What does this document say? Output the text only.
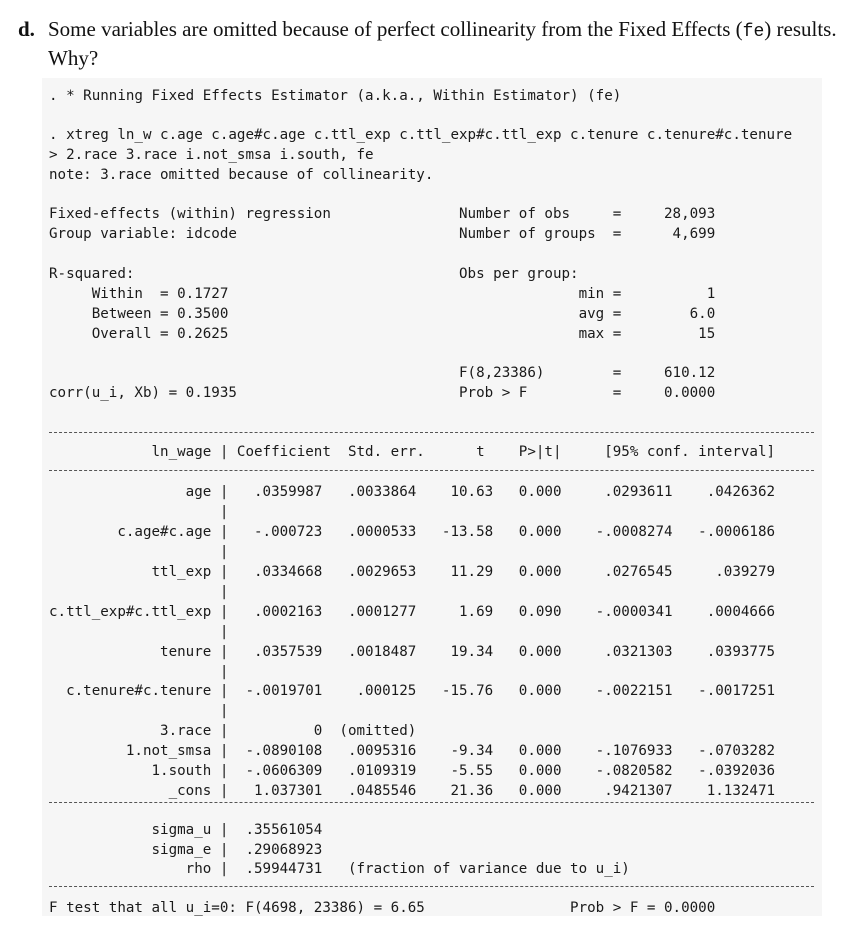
d. Some variables are omitted because of perfect collinearity from the Fixed Effects (fe) results. Why?
. * Running Fixed Effects Estimator (a.k.a., Within Estimator) (fe)
. xtreg ln_w c.age c.age#c.age c.ttl_exp c.ttl_exp#c.ttl_exp c.tenure c.tenure#c.tenure
> 2.race 3.race i.not_smsa i.south, fe
note: 3.race omitted because of collinearity.
Fixed-effects (within) regression               Number of obs     =     28,093
Group variable: idcode                          Number of groups  =      4,699
R-squared:                                      Obs per group:
Within  = 0.1727                                         min =          1
Between = 0.3500                                         avg =        6.0
Overall = 0.2625                                         max =         15
F(8,23386)        =     610.12
corr(u_i, Xb) = 0.1935                          Prob > F          =     0.0000
ln_wage | Coefficient  Std. err.      t    P>|t|     [95% conf. interval]
age |   .0359987   .0033864    10.63   0.000     .0293611    .0426362
|
c.age#c.age |   -.000723   .0000533   -13.58   0.000    -.0008274   -.0006186
|
ttl_exp |   .0334668   .0029653    11.29   0.000     .0276545     .039279
|
c.ttl_exp#c.ttl_exp |   .0002163   .0001277     1.69   0.090    -.0000341    .0004666
|
tenure |   .0357539   .0018487    19.34   0.000     .0321303    .0393775
|
c.tenure#c.tenure |  -.0019701    .000125   -15.76   0.000    -.0022151   -.0017251
|
3.race |          0  (omitted)
1.not_smsa |  -.0890108   .0095316    -9.34   0.000    -.1076933   -.0703282
1.south |  -.0606309   .0109319    -5.55   0.000    -.0820582   -.0392036
_cons |   1.037301   .0485546    21.36   0.000     .9421307    1.132471
sigma_u |  .35561054
sigma_e |  .29068923
rho |  .59944731   (fraction of variance due to u_i)
F test that all u_i=0: F(4698, 23386) = 6.65                 Prob > F = 0.0000
